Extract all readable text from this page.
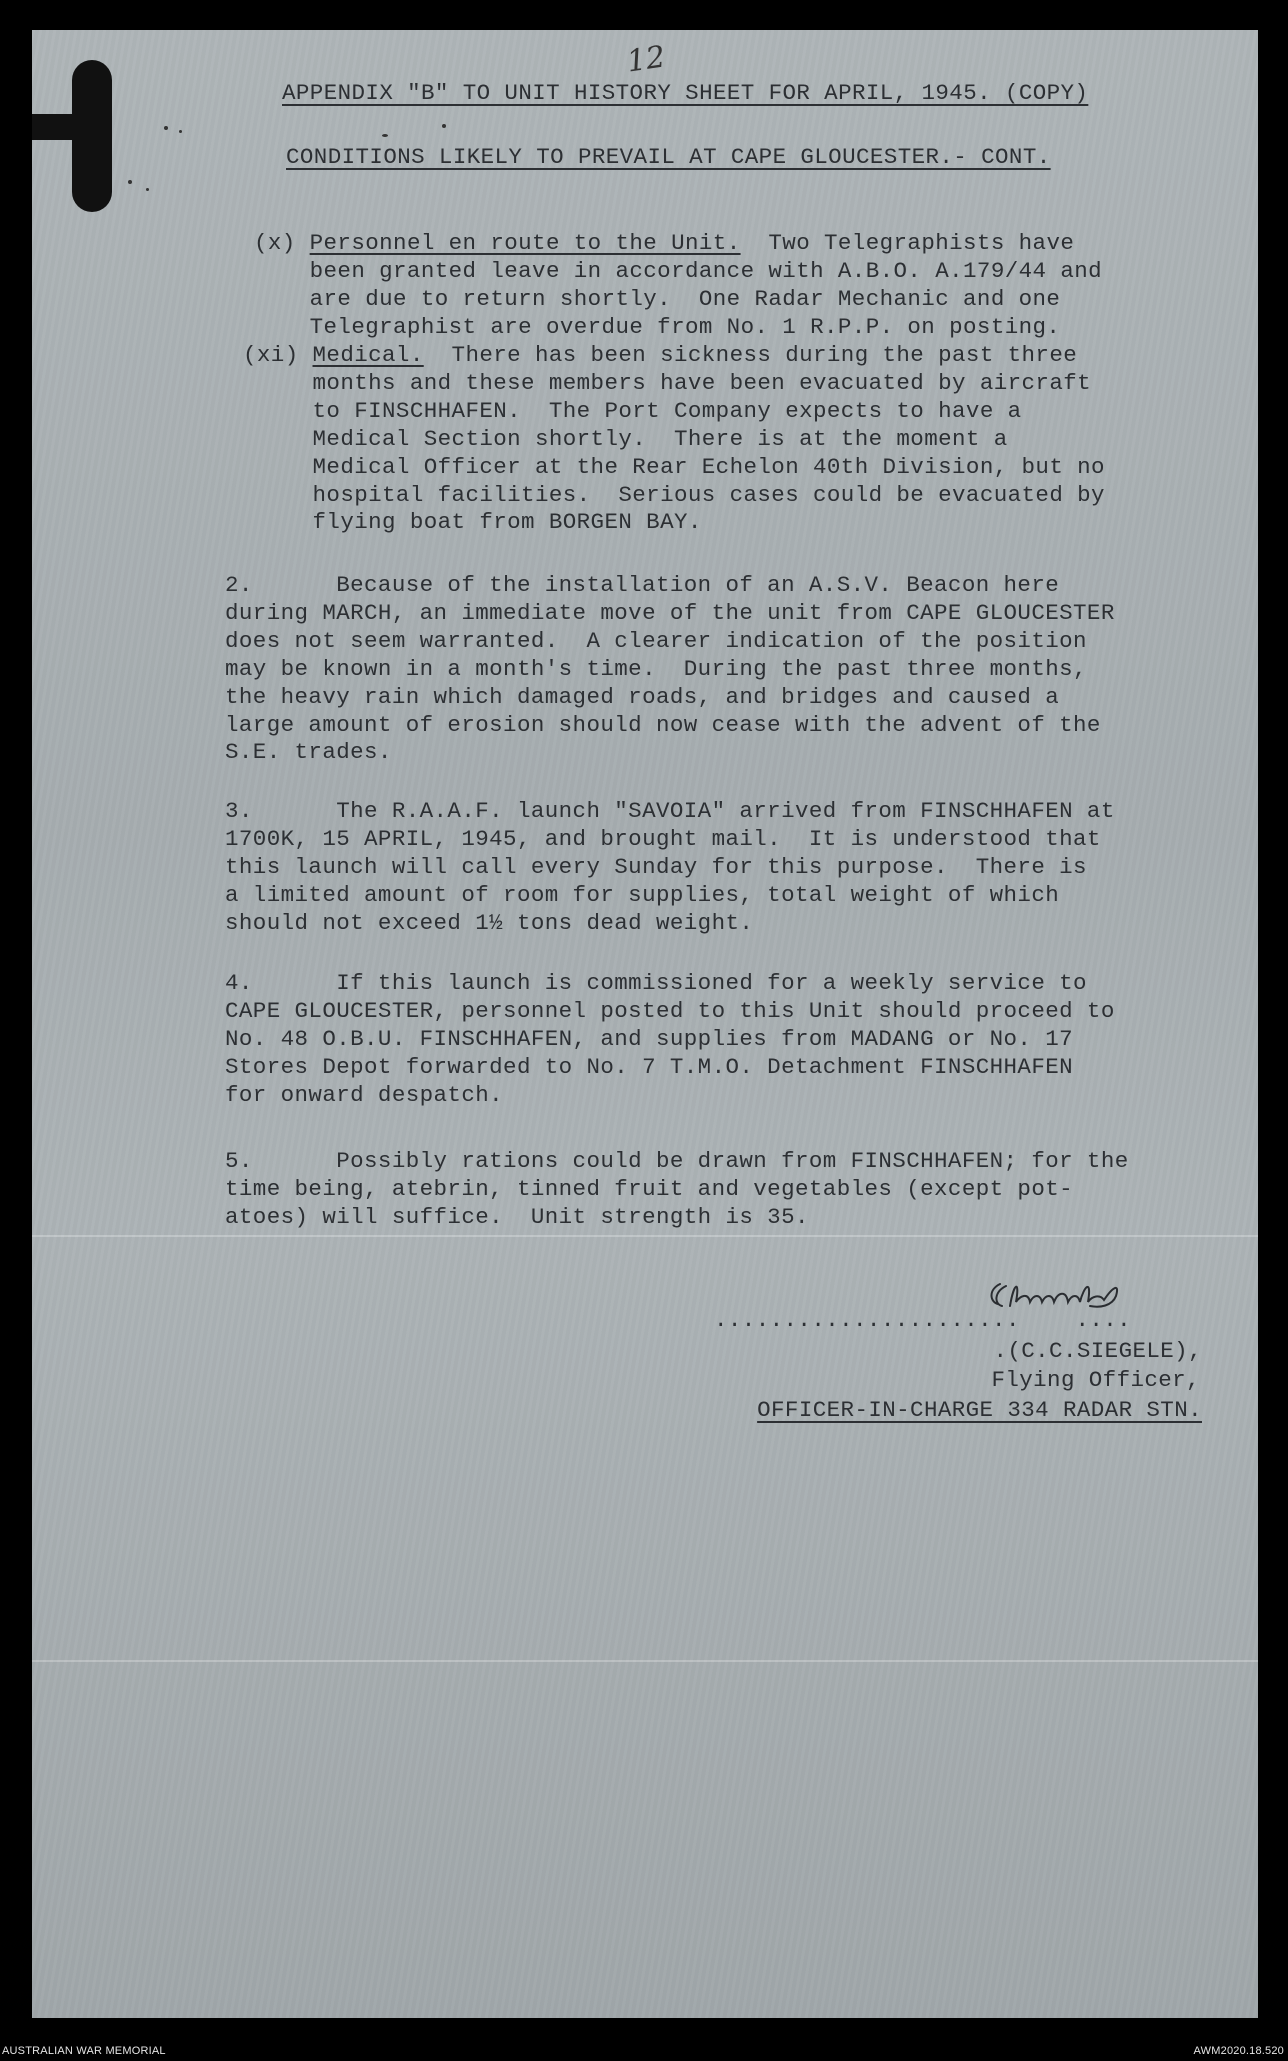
12
APPENDIX "B" TO UNIT HISTORY SHEET FOR APRIL, 1945. (COPY)
CONDITIONS LIKELY TO PREVAIL AT CAPE GLOUCESTER.- CONT.
(x) Personnel en route to the Unit.  Two Telegraphists have
been granted leave in accordance with A.B.O. A.179/44 and
are due to return shortly.  One Radar Mechanic and one
Telegraphist are overdue from No. 1 R.P.P. on posting.
(xi) Medical.  There has been sickness during the past three
months and these members have been evacuated by aircraft
to FINSCHHAFEN.  The Port Company expects to have a
Medical Section shortly.  There is at the moment a
Medical Officer at the Rear Echelon 40th Division, but no
hospital facilities.  Serious cases could be evacuated by
flying boat from BORGEN BAY.
2.      Because of the installation of an A.S.V. Beacon here
during MARCH, an immediate move of the unit from CAPE GLOUCESTER
does not seem warranted.  A clearer indication of the position
may be known in a month's time.  During the past three months,
the heavy rain which damaged roads, and bridges and caused a
large amount of erosion should now cease with the advent of the
S.E. trades.
3.      The R.A.A.F. launch "SAVOIA" arrived from FINSCHHAFEN at
1700K, 15 APRIL, 1945, and brought mail.  It is understood that
this launch will call every Sunday for this purpose.  There is
a limited amount of room for supplies, total weight of which
should not exceed 1½ tons dead weight.
4.      If this launch is commissioned for a weekly service to
CAPE GLOUCESTER, personnel posted to this Unit should proceed to
No. 48 O.B.U. FINSCHHAFEN, and supplies from MADANG or No. 17
Stores Depot forwarded to No. 7 T.M.O. Detachment FINSCHHAFEN
for onward despatch.
5.      Possibly rations could be drawn from FINSCHHAFEN; for the
time being, atebrin, tinned fruit and vegetables (except pot-
atoes) will suffice.  Unit strength is 35.
......................    ....
.(C.C.SIEGELE),
Flying Officer,
OFFICER-IN-CHARGE 334 RADAR STN.
AUSTRALIAN WAR MEMORIAL	AWM2020.18.520
